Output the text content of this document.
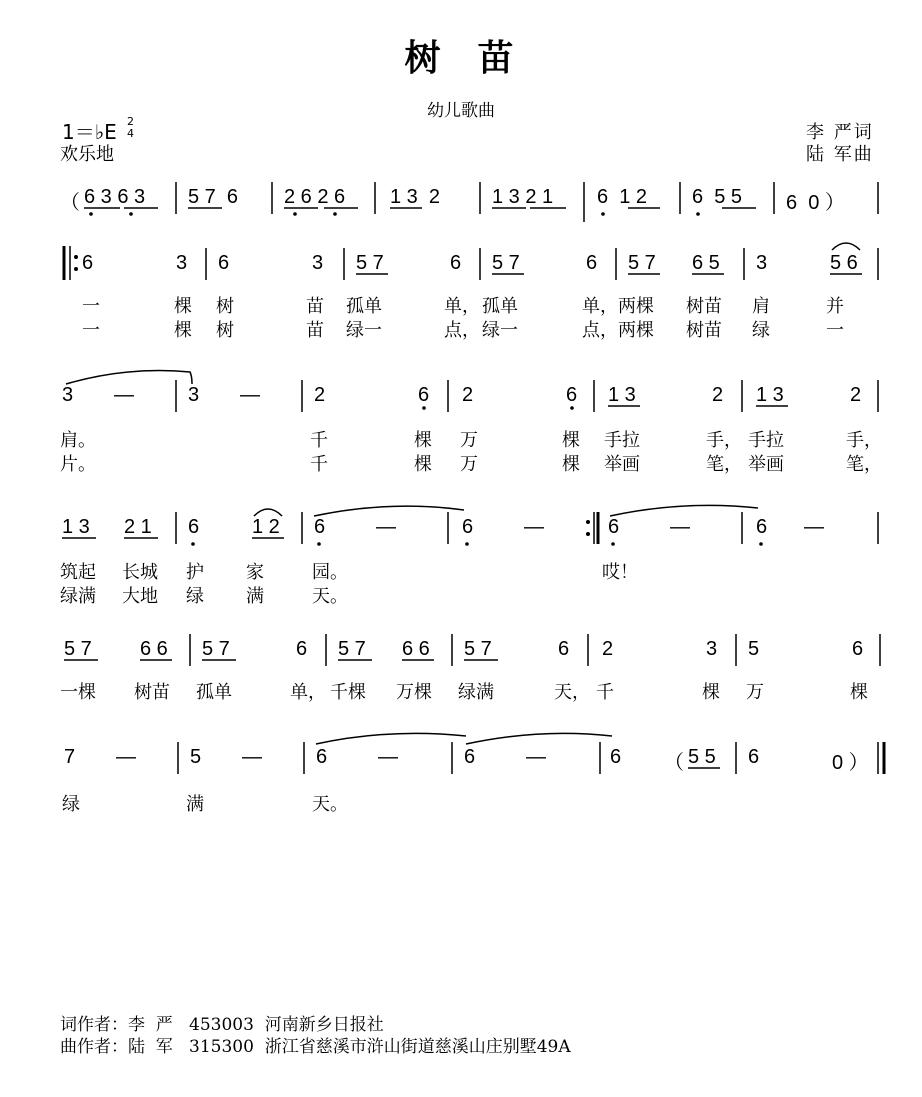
树  苗
幼儿歌曲
1＝♭E 2
4
欢乐地
李 严词
陆 军曲
（ 6 3 6 3 5 7  6 2 6 2 6 1 3  2	1 3 2 1 6  1 2 6  5 5 6  0 ）
6	3 6	3 5 7	6 5 7	6 5 7 6 5 3	5 6
一	棵 树	苗 孤单	单， 孤单	单， 两棵 树苗 肩	并
一	棵 树	苗 绿一	点， 绿一	点， 两棵 树苗 绿	一
3 —	3 —	2	6 2	6 1 3	2 1 3	2
肩。	千	棵 万	棵 手拉	手， 手拉	手，
片。	千	棵 万	棵 举画	笔， 举画	笔，
1 3 2 1 6	1 2 6	—	6	—	6	—	6 —
筑起 长城 护 家	园。	哎！
绿满 大地 绿 满	天。
5 7 6 6 5 7	6 5 7 6 6 5 7	6 2	3 5	6
一棵 树苗 孤单	单， 千棵 万棵 绿满	天， 千	棵 万	棵
7 —	5 —	6	—	6	—	6 （ 5 5 6	0 ）
绿	满	天。
词作者：李  严   453003  河南新乡日报社
曲作者：陆  军   315300  浙江省慈溪市浒山街道慈溪山庄别墅49A
